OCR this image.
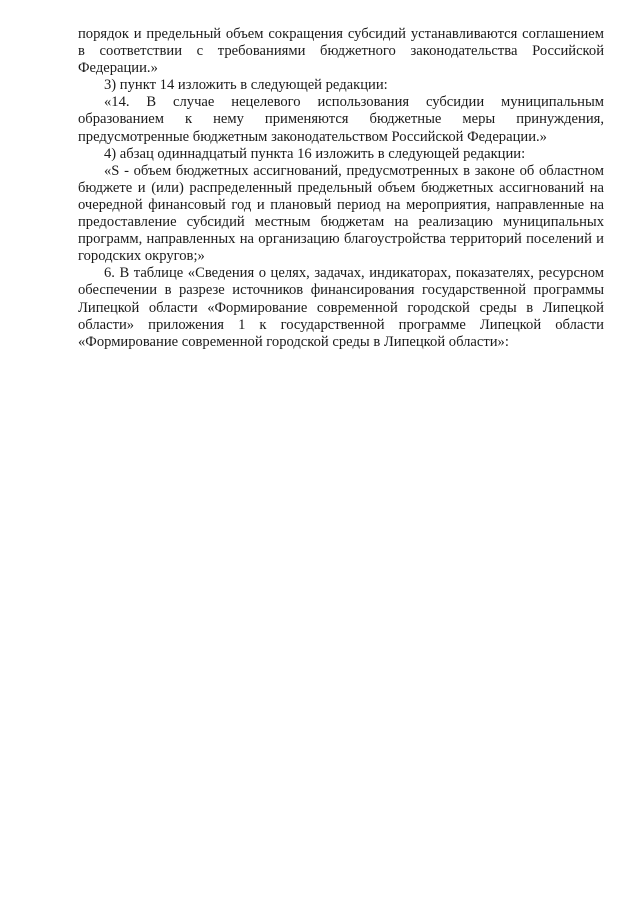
порядок и предельный объем сокращения субсидий устанавливаются соглашением в соответствии с требованиями бюджетного законодательства Российской Федерации.»

3) пункт 14 изложить в следующей редакции:

«14. В случае нецелевого использования субсидии муниципальным образованием к нему применяются бюджетные меры принуждения, предусмотренные бюджетным законодательством Российской Федерации.»

4) абзац одиннадцатый пункта 16 изложить в следующей редакции:

«S - объем бюджетных ассигнований, предусмотренных в законе об областном бюджете и (или) распределенный предельный объем бюджетных ассигнований на очередной финансовый год и плановый период на мероприятия, направленные на предоставление субсидий местным бюджетам на реализацию муниципальных программ, направленных на организацию благоустройства территорий поселений и городских округов;»

6. В таблице «Сведения о целях, задачах, индикаторах, показателях, ресурсном обеспечении в разрезе источников финансирования государственной программы Липецкой области «Формирование современной городской среды в Липецкой области» приложения 1 к государственной программе Липецкой области «Формирование современной городской среды в Липецкой области»:
